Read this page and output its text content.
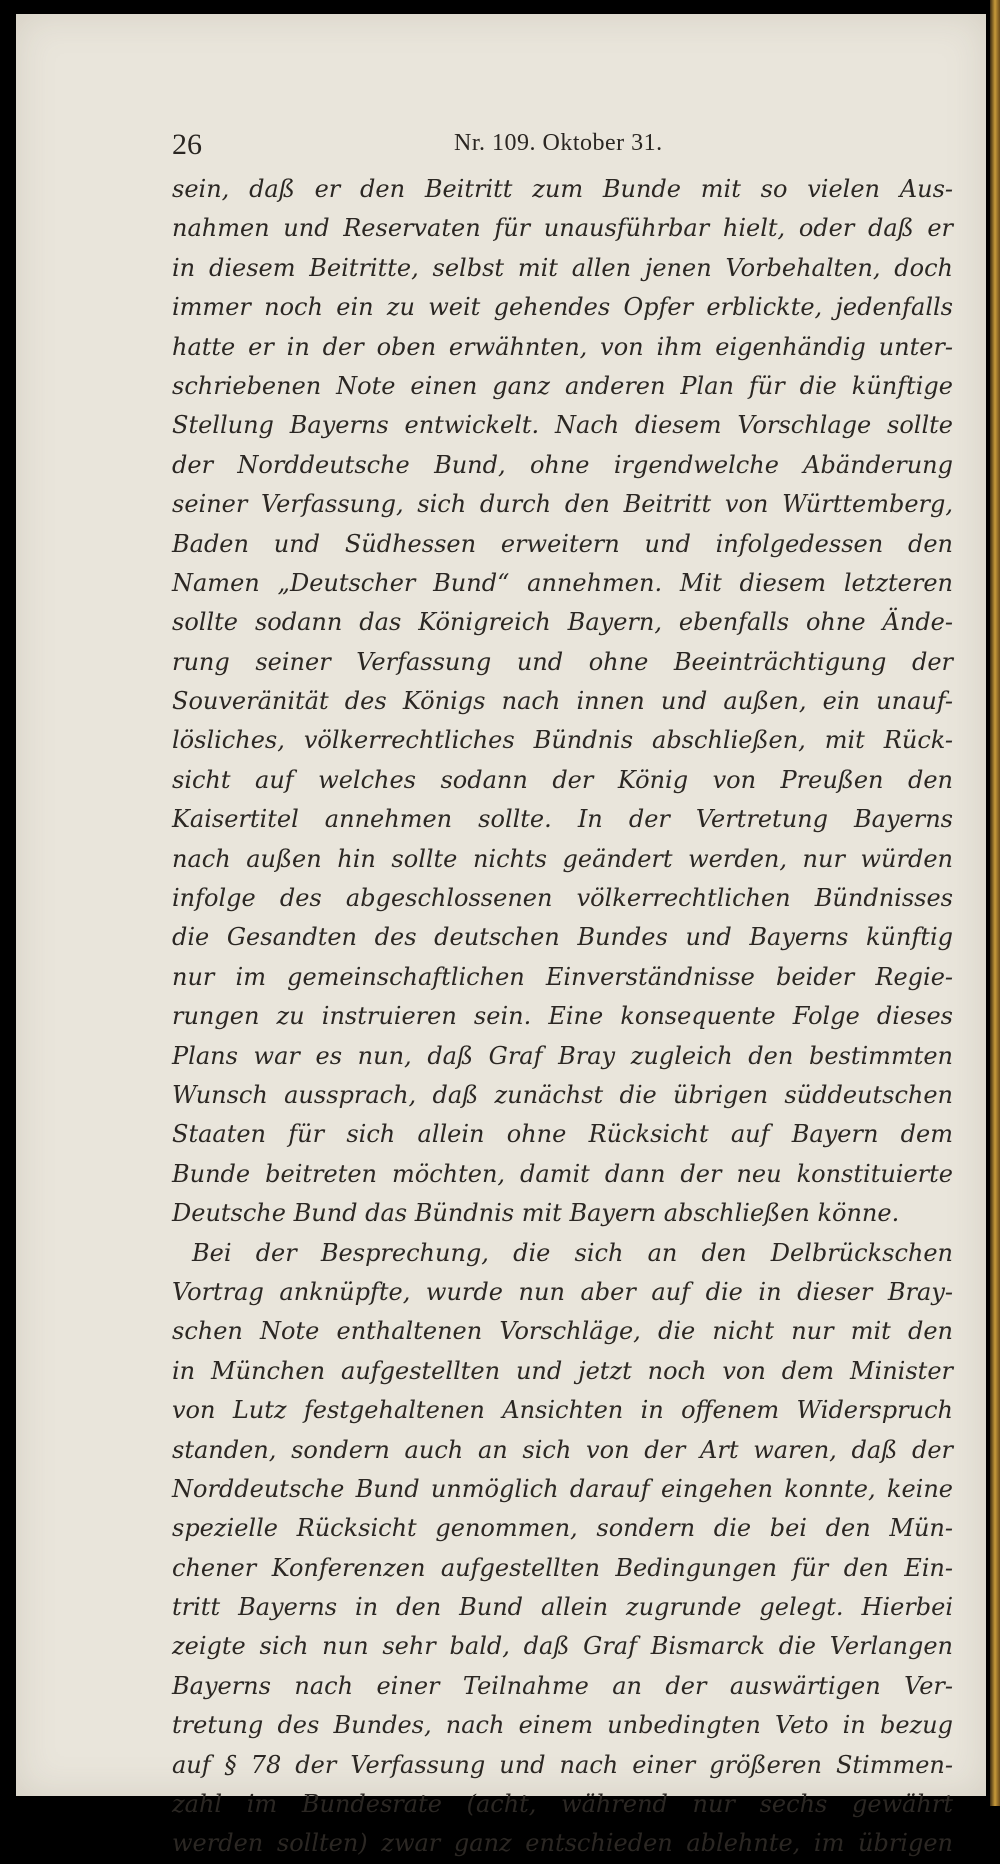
26	Nr. 109. Oktober 31.
sein, daß er den Beitritt zum Bunde mit so vielen Aus-
nahmen und Reservaten für unausführbar hielt, oder daß er
in diesem Beitritte, selbst mit allen jenen Vorbehalten, doch
immer noch ein zu weit gehendes Opfer erblickte, jedenfalls
hatte er in der oben erwähnten, von ihm eigenhändig unter-
schriebenen Note einen ganz anderen Plan für die künftige
Stellung Bayerns entwickelt. Nach diesem Vorschlage sollte
der Norddeutsche Bund, ohne irgendwelche Abänderung
seiner Verfassung, sich durch den Beitritt von Württemberg,
Baden und Südhessen erweitern und infolgedessen den
Namen „Deutscher Bund“ annehmen. Mit diesem letzteren
sollte sodann das Königreich Bayern, ebenfalls ohne Ände-
rung seiner Verfassung und ohne Beeinträchtigung der
Souveränität des Königs nach innen und außen, ein unauf-
lösliches, völkerrechtliches Bündnis abschließen, mit Rück-
sicht auf welches sodann der König von Preußen den
Kaisertitel annehmen sollte. In der Vertretung Bayerns
nach außen hin sollte nichts geändert werden, nur würden
infolge des abgeschlossenen völkerrechtlichen Bündnisses
die Gesandten des deutschen Bundes und Bayerns künftig
nur im gemeinschaftlichen Einverständnisse beider Regie-
rungen zu instruieren sein. Eine konsequente Folge dieses
Plans war es nun, daß Graf Bray zugleich den bestimmten
Wunsch aussprach, daß zunächst die übrigen süddeutschen
Staaten für sich allein ohne Rücksicht auf Bayern dem
Bunde beitreten möchten, damit dann der neu konstituierte
Deutsche Bund das Bündnis mit Bayern abschließen könne.
Bei der Besprechung, die sich an den Delbrückschen
Vortrag anknüpfte, wurde nun aber auf die in dieser Bray-
schen Note enthaltenen Vorschläge, die nicht nur mit den
in München aufgestellten und jetzt noch von dem Minister
von Lutz festgehaltenen Ansichten in offenem Widerspruch
standen, sondern auch an sich von der Art waren, daß der
Norddeutsche Bund unmöglich darauf eingehen konnte, keine
spezielle Rücksicht genommen, sondern die bei den Mün-
chener Konferenzen aufgestellten Bedingungen für den Ein-
tritt Bayerns in den Bund allein zugrunde gelegt. Hierbei
zeigte sich nun sehr bald, daß Graf Bismarck die Verlangen
Bayerns nach einer Teilnahme an der auswärtigen Ver-
tretung des Bundes, nach einem unbedingten Veto in bezug
auf § 78 der Verfassung und nach einer größeren Stimmen-
zahl im Bundesrate (acht, während nur sechs gewährt
werden sollten) zwar ganz entschieden ablehnte, im übrigen
